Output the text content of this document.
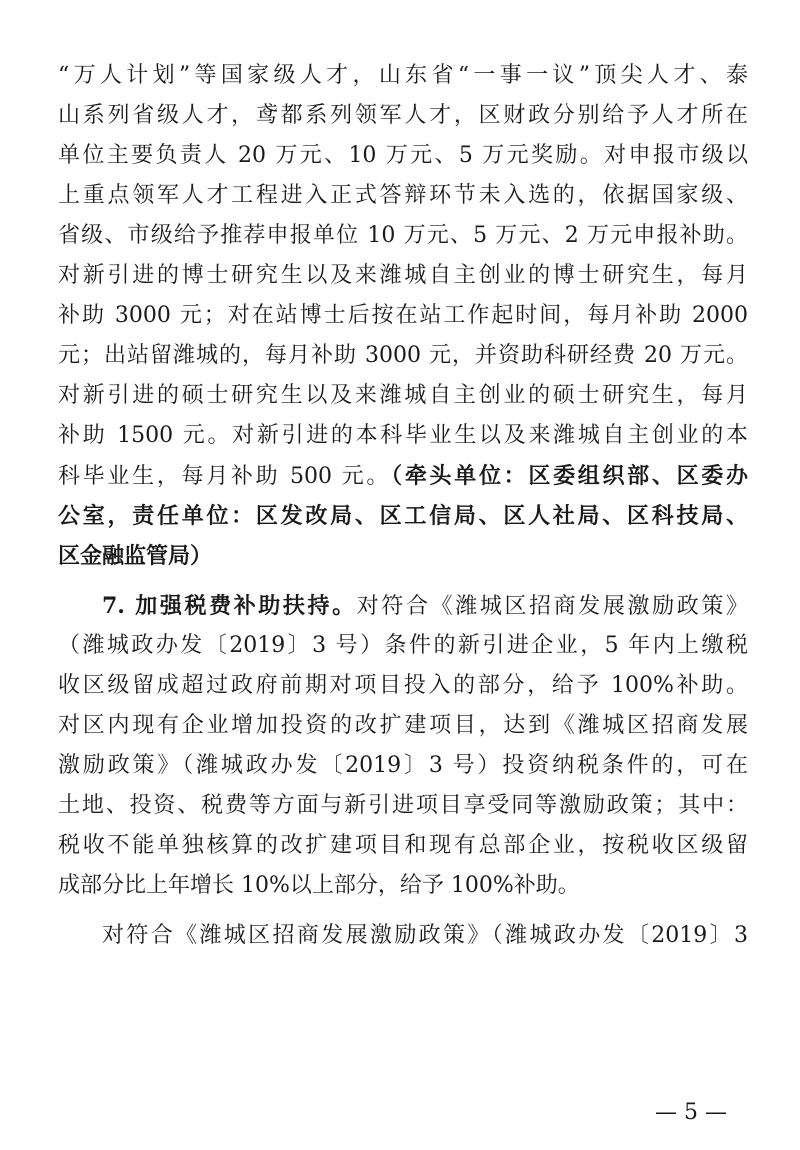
“万人计划”等国家级人才，山东省“一事一议”顶尖人才、泰
山系列省级人才，鸢都系列领军人才，区财政分别给予人才所在
单位主要负责人 20 万元、10 万元、5 万元奖励。对申报市级以
上重点领军人才工程进入正式答辩环节未入选的，依据国家级、
省级、市级给予推荐申报单位 10 万元、5 万元、2 万元申报补助。
对新引进的博士研究生以及来潍城自主创业的博士研究生，每月
补助 3000 元；对在站博士后按在站工作起时间，每月补助 2000
元；出站留潍城的，每月补助 3000 元，并资助科研经费 20 万元。
对新引进的硕士研究生以及来潍城自主创业的硕士研究生，每月
补助 1500 元。对新引进的本科毕业生以及来潍城自主创业的本
科毕业生，每月补助 500 元。（牵头单位：区委组织部、区委办
公室，责任单位：区发改局、区工信局、区人社局、区科技局、
区金融监管局）
7. 加强税费补助扶持。对符合《潍城区招商发展激励政策》
（潍城政办发〔2019〕3 号）条件的新引进企业，5 年内上缴税
收区级留成超过政府前期对项目投入的部分，给予 100%补助。
对区内现有企业增加投资的改扩建项目，达到《潍城区招商发展
激励政策》（潍城政办发〔2019〕3 号）投资纳税条件的，可在
土地、投资、税费等方面与新引进项目享受同等激励政策；其中：
税收不能单独核算的改扩建项目和现有总部企业，按税收区级留
成部分比上年增长 10%以上部分，给予 100%补助。
对符合《潍城区招商发展激励政策》（潍城政办发〔2019〕3
— 5 —
